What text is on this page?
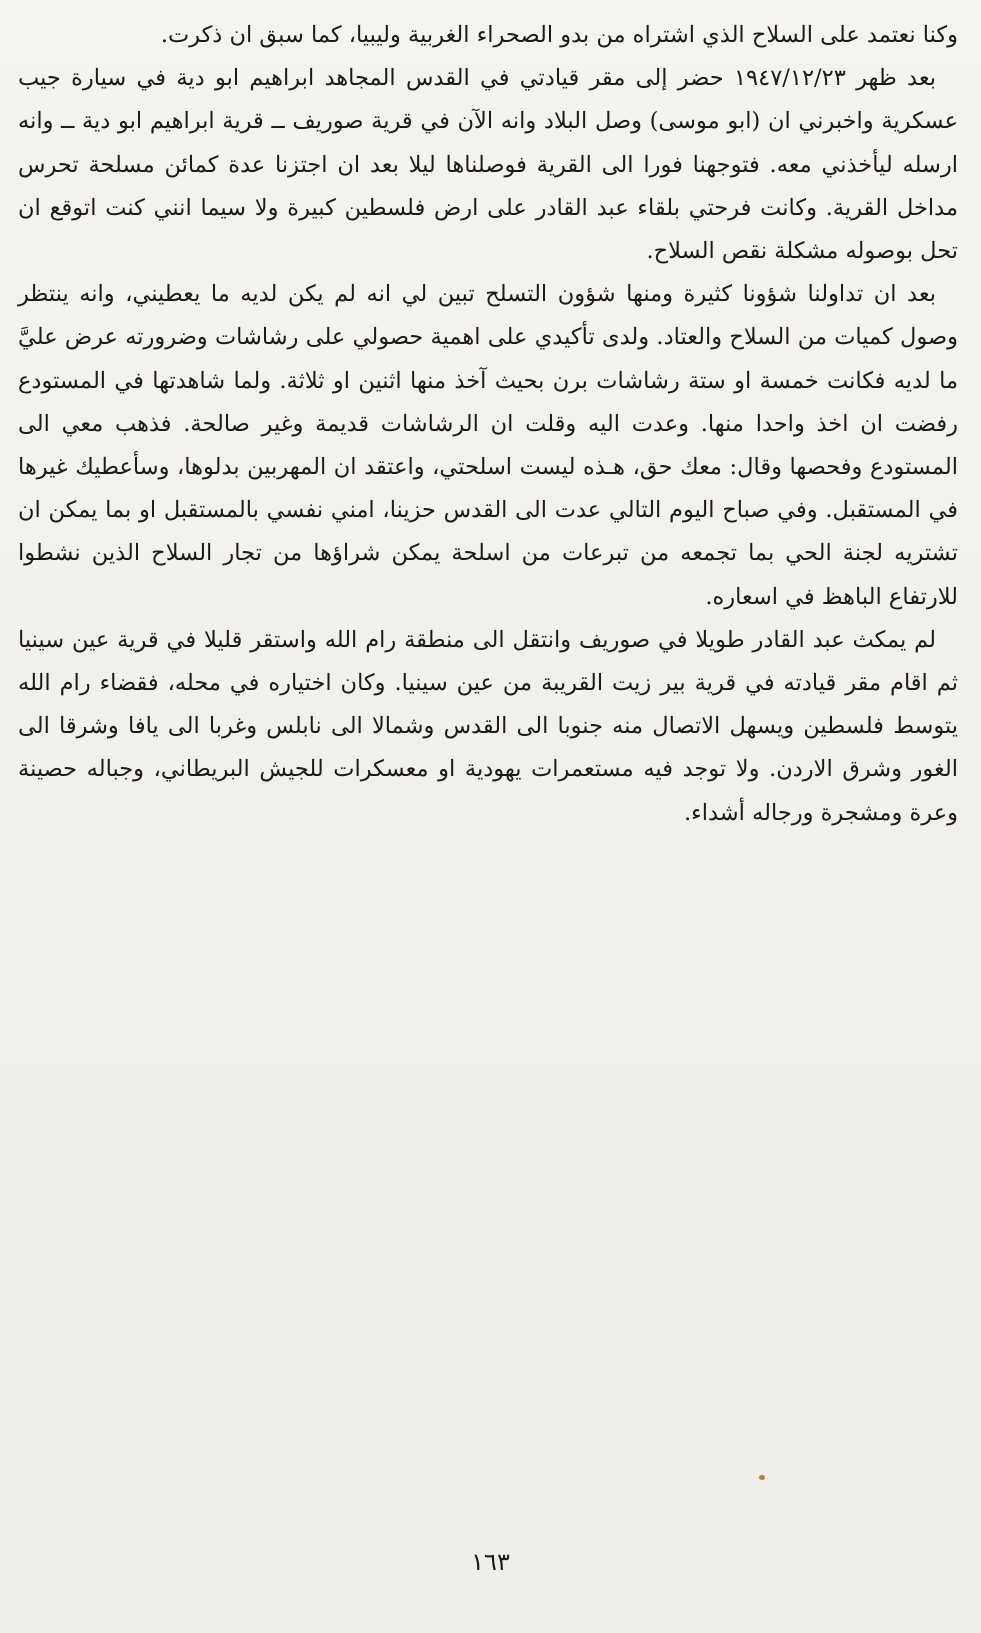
وكنا نعتمد على السلاح الذي اشتراه من بدو الصحراء الغربية وليبيا، كما سبق ان ذكرت.

بعد ظهر ١٩٤٧/١٢/٢٣ حضر إلى مقر قيادتي في القدس المجاهد ابراهيم ابو دية في سيارة جيب عسكرية واخبرني ان (ابو موسى) وصل البلاد وانه الآن في قرية صوريف ــ قرية ابراهيم ابو دية ــ وانه ارسله ليأخذني معه. فتوجهنا فورا الى القرية فوصلناها ليلا بعد ان اجتزنا عدة كمائن مسلحة تحرس مداخل القرية. وكانت فرحتي بلقاء عبد القادر على ارض فلسطين كبيرة ولا سيما انني كنت اتوقع ان تحل بوصوله مشكلة نقص السلاح.

بعد ان تداولنا شؤونا كثيرة ومنها شؤون التسلح تبين لي انه لم يكن لديه ما يعطيني، وانه ينتظر وصول كميات من السلاح والعتاد. ولدى تأكيدي على اهمية حصولي على رشاشات وضرورته عرض عليَّ ما لديه فكانت خمسة او ستة رشاشات برن بحيث آخذ منها اثنين او ثلاثة. ولما شاهدتها في المستودع رفضت ان اخذ واحدا منها. وعدت اليه وقلت ان الرشاشات قديمة وغير صالحة. فذهب معي الى المستودع وفحصها وقال: معك حق، هـذه ليست اسلحتي، واعتقد ان المهربين بدلوها، وسأعطيك غيرها في المستقبل. وفي صباح اليوم التالي عدت الى القدس حزينا، امني نفسي بالمستقبل او بما يمكن ان تشتريه لجنة الحي بما تجمعه من تبرعات من اسلحة يمكن شراؤها من تجار السلاح الذين نشطوا للارتفاع الباهظ في اسعاره.

لم يمكث عبد القادر طويلا في صوريف وانتقل الى منطقة رام الله واستقر قليلا في قرية عين سينيا ثم اقام مقر قيادته في قرية بير زيت القريبة من عين سينيا. وكان اختياره في محله، فقضاء رام الله يتوسط فلسطين ويسهل الاتصال منه جنوبا الى القدس وشمالا الى نابلس وغربا الى يافا وشرقا الى الغور وشرق الاردن. ولا توجد فيه مستعمرات يهودية او معسكرات للجيش البريطاني، وجباله حصينة وعرة ومشجرة ورجاله أشداء.

١٦٣
